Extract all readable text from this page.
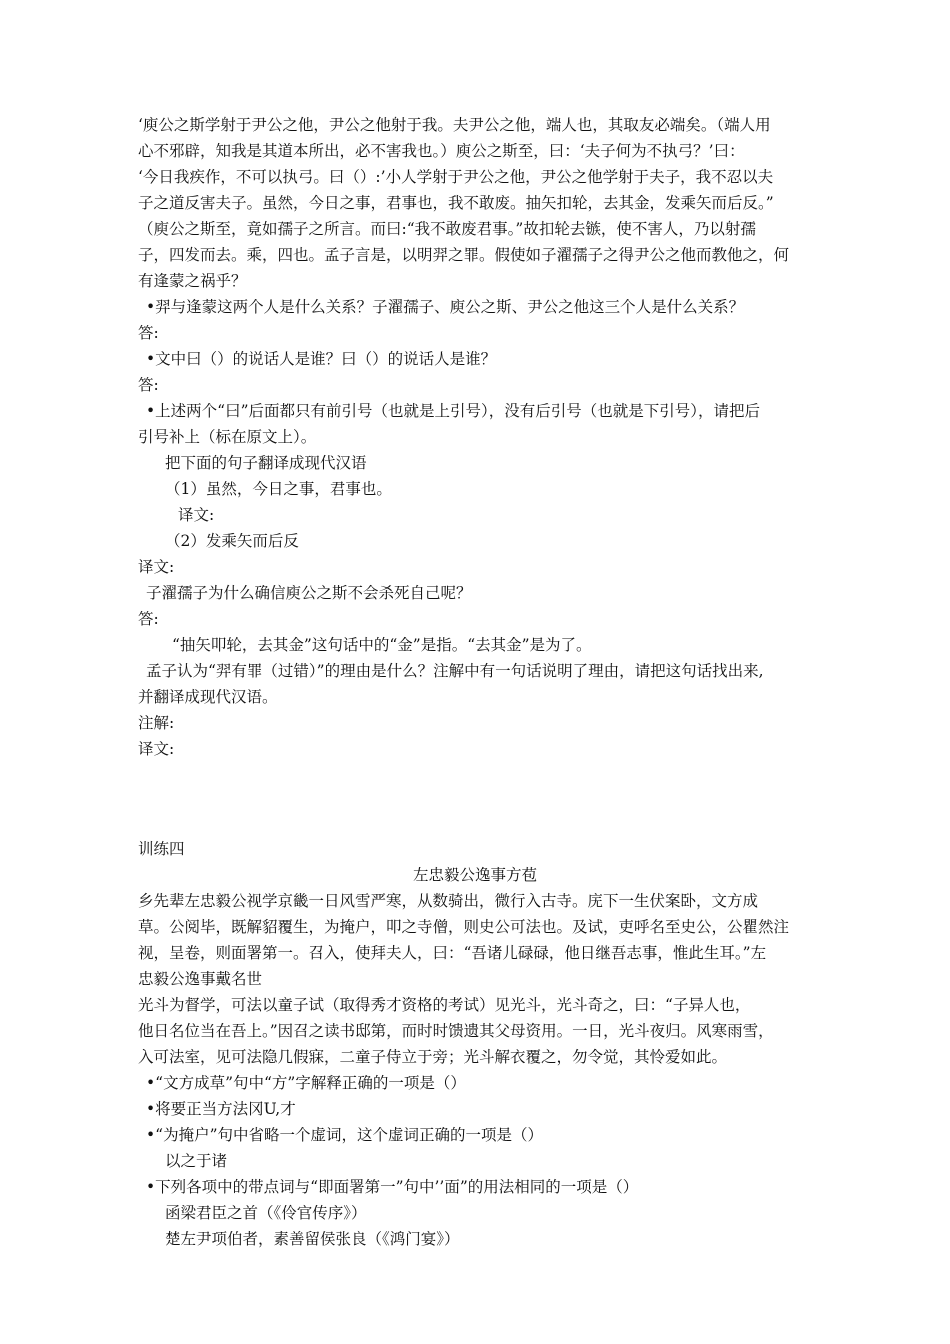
‘庾公之斯学射于尹公之他，尹公之他射于我。夫尹公之他，端人也，其取友必端矣。（端人用
心不邪辟，知我是其道本所出，必不害我也。）庾公之斯至，曰：‘夫子何为不执弓？’曰：
‘今日我疾作，不可以执弓。曰（）:’小人学射于尹公之他，尹公之他学射于夫子，我不忍以夫
子之道反害夫子。虽然，今日之事，君事也，我不敢废。抽矢扣轮，去其金，发乘矢而后反。”
（庾公之斯至，竟如孺子之所言。而曰:“我不敢废君事。”故扣轮去镞，使不害人，乃以射孺
子，四发而去。乘，四也。孟子言是，以明羿之罪。假使如子濯孺子之得尹公之他而教他之，何
有逢蒙之祸乎？
•羿与逢蒙这两个人是什么关系？子濯孺子、庾公之斯、尹公之他这三个人是什么关系？
答:
•文中曰（）的说话人是谁？曰（）的说话人是谁？
答:
•上述两个“曰”后面都只有前引号（也就是上引号），没有后引号（也就是下引号），请把后
引号补上（标在原文上）。
把下面的句子翻译成现代汉语
（1）虽然，今日之事，君事也。
译文:
（2）发乘矢而后反
译文:
子濯孺子为什么确信庾公之斯不会杀死自己呢？
答:
“抽矢叩轮，去其金”这句话中的“金”是指。“去其金”是为了。
孟子认为“羿有罪（过错）”的理由是什么？注解中有一句话说明了理由，请把这句话找出来,
并翻译成现代汉语。
注解:
译文:
训练四
左忠毅公逸事方苞
乡先辈左忠毅公视学京畿一日风雪严寒，从数骑出，微行入古寺。庑下一生伏案卧，文方成
草。公阅毕，既解貂覆生，为掩户，叩之寺僧，则史公可法也。及试，吏呼名至史公，公瞿然注
视，呈卷，则面署第一。召入，使拜夫人，曰：“吾诸儿碌碌，他日继吾志事，惟此生耳。”左
忠毅公逸事戴名世
光斗为督学，可法以童子试（取得秀才资格的考试）见光斗，光斗奇之，曰：“子异人也，
他日名位当在吾上。”因召之读书邸第，而时时馈遗其父母资用。一日，光斗夜归。风寒雨雪，
入可法室，见可法隐几假寐，二童子侍立于旁；光斗解衣覆之，勿令觉，其怜爱如此。
•“文方成草”句中“方”字解释正确的一项是（）
•将要正当方法冈U,才
•“为掩户”句中省略一个虚词，这个虚词正确的一项是（）
以之于诸
•下列各项中的带点词与“即面署第一”句中’’面”的用法相同的一项是（）
函梁君臣之首（《伶官传序》）
楚左尹项伯者，素善留侯张良（《鸿门宴》）
